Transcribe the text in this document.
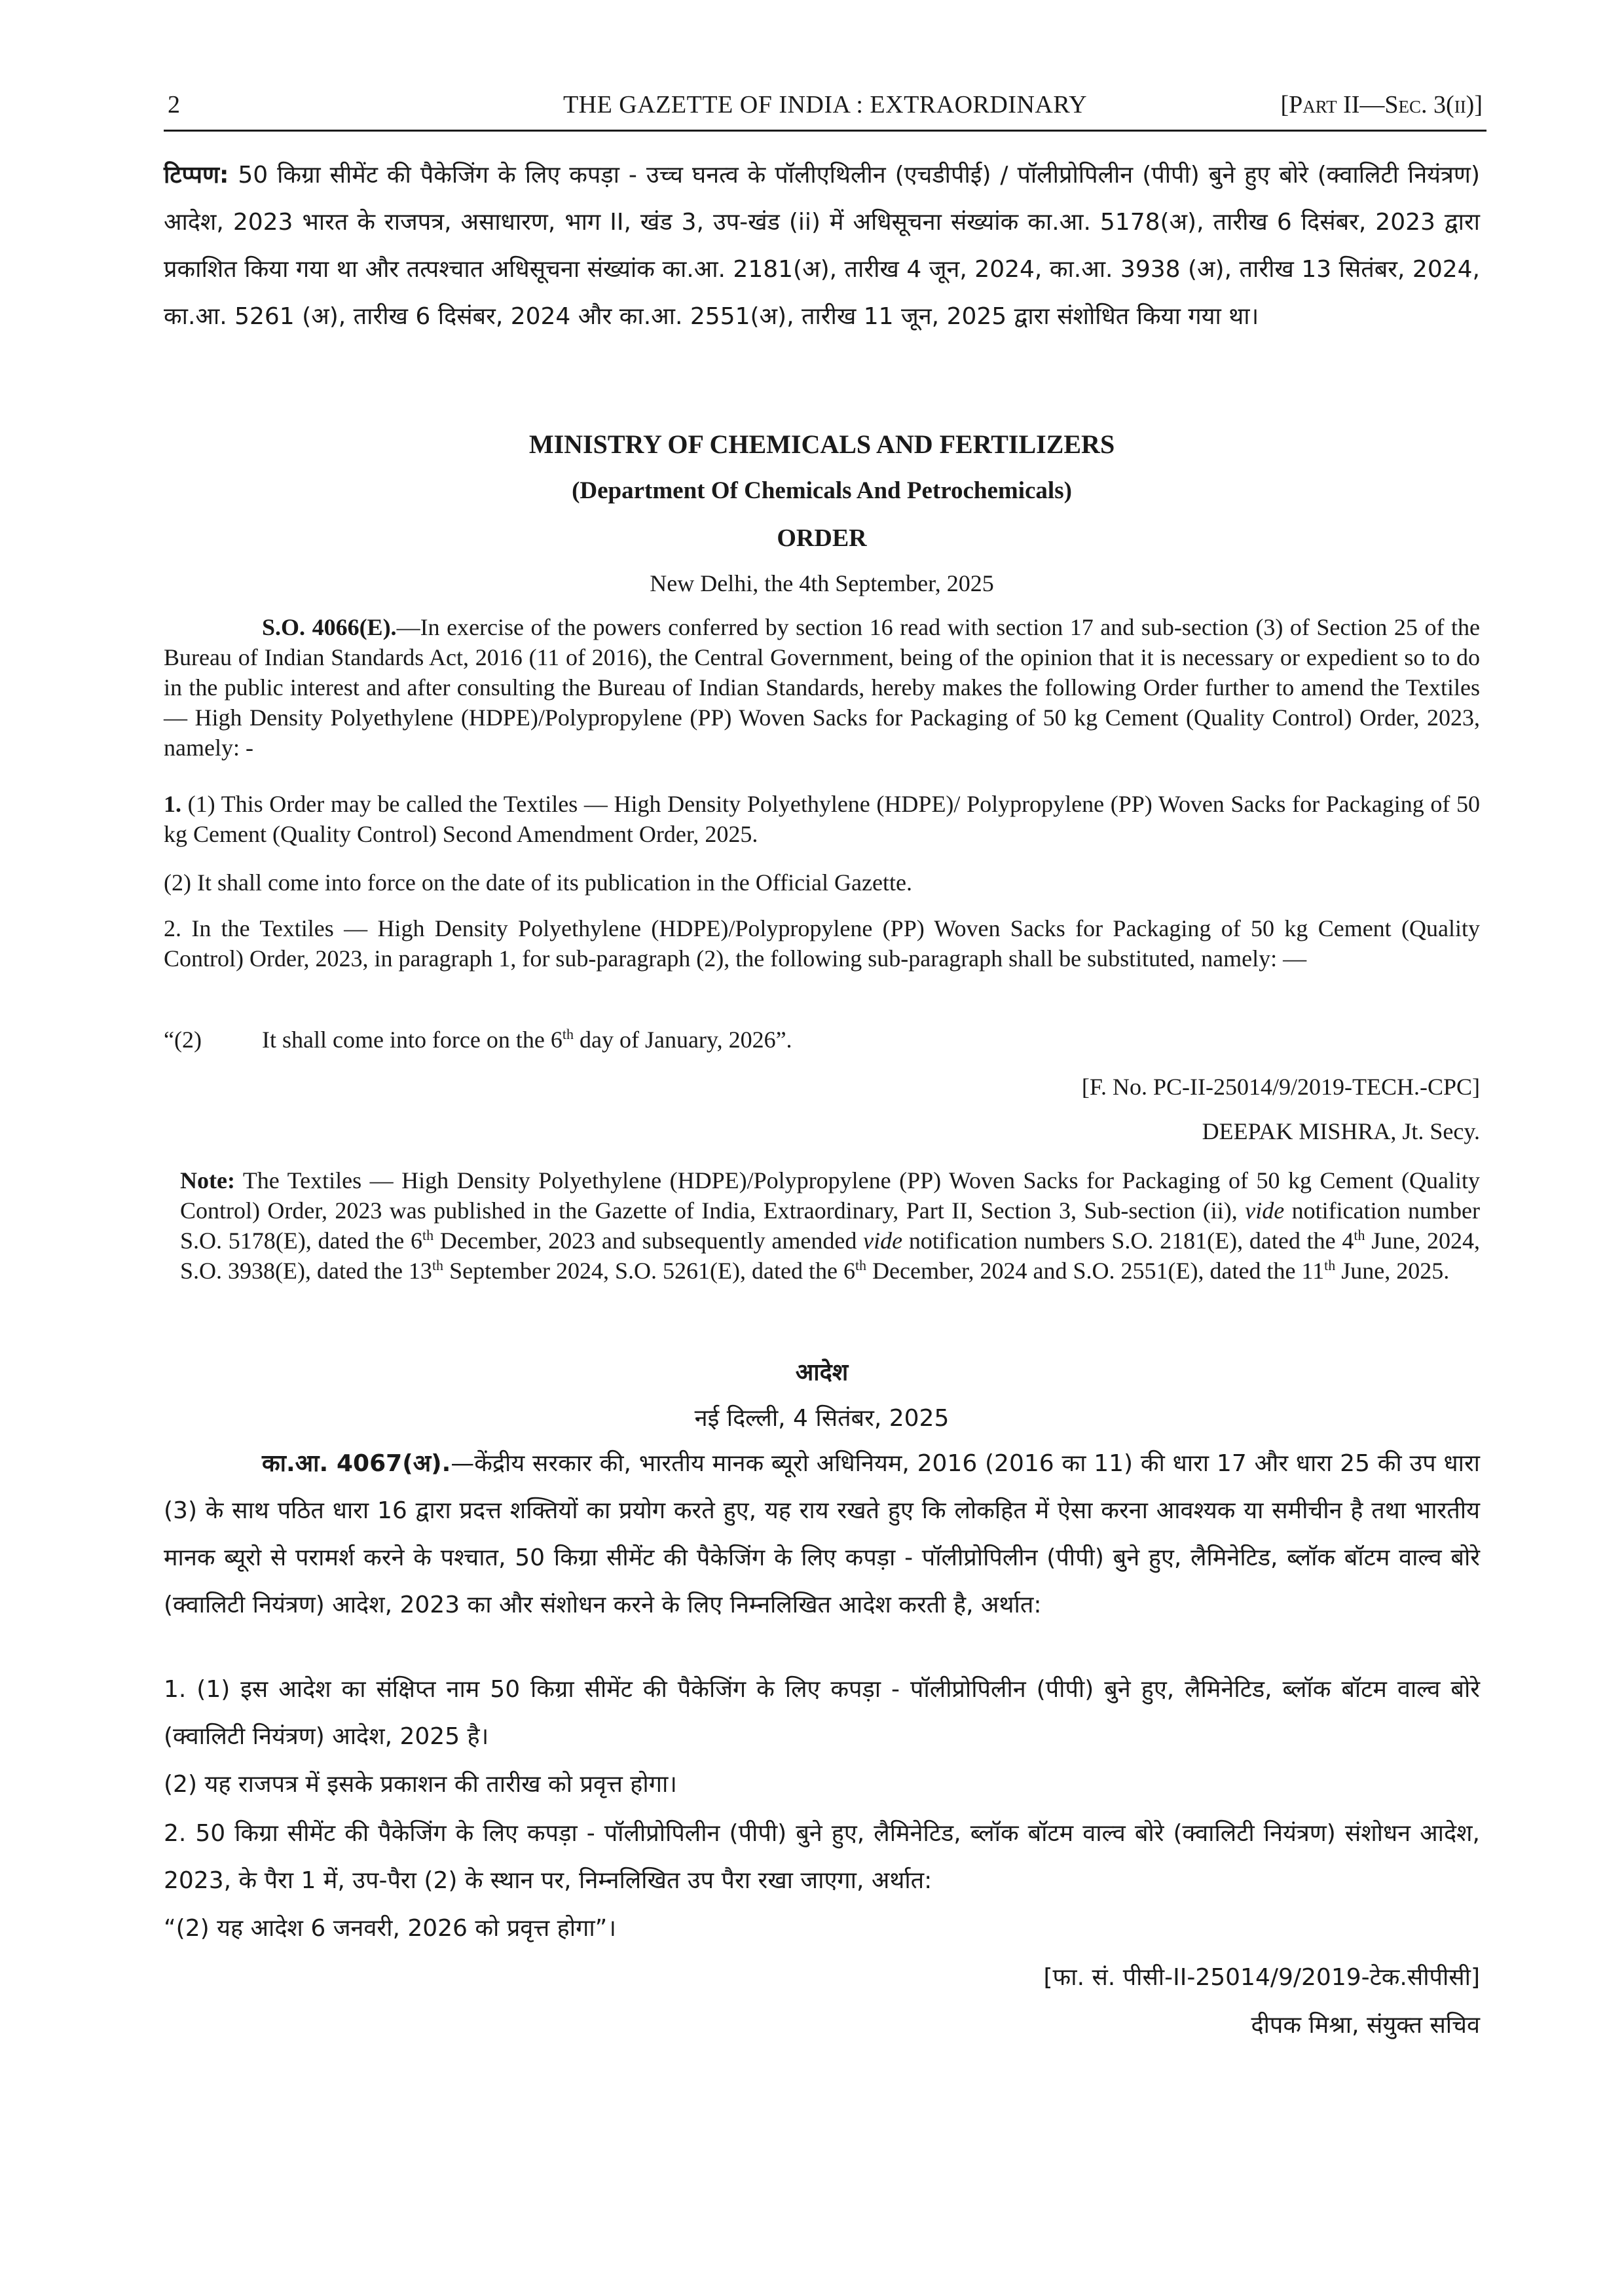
2	THE GAZETTE OF INDIA : EXTRAORDINARY	[Part II—Sec. 3(ii)]
टिप्पण: 50 किग्रा सीमेंट की पैकेजिंग के लिए कपड़ा - उच्च घनत्व के पॉलीएथिलीन (एचडीपीई) / पॉलीप्रोपिलीन (पीपी) बुने हुए बोरे (क्वालिटी नियंत्रण) आदेश, 2023 भारत के राजपत्र, असाधारण, भाग II, खंड 3, उप-खंड (ii) में अधिसूचना संख्यांक का.आ. 5178(अ), तारीख 6 दिसंबर, 2023 द्वारा प्रकाशित किया गया था और तत्पश्चात अधिसूचना संख्यांक का.आ. 2181(अ), तारीख 4 जून, 2024, का.आ. 3938 (अ), तारीख 13 सितंबर, 2024, का.आ. 5261 (अ), तारीख 6 दिसंबर, 2024 और का.आ. 2551(अ), तारीख 11 जून, 2025 द्वारा संशोधित किया गया था।
MINISTRY OF CHEMICALS AND FERTILIZERS
(Department Of Chemicals And Petrochemicals)
ORDER
New Delhi, the 4th September, 2025
S.O. 4066(E).—In exercise of the powers conferred by section 16 read with section 17 and sub-section (3) of Section 25 of the Bureau of Indian Standards Act, 2016 (11 of 2016), the Central Government, being of the opinion that it is necessary or expedient so to do in the public interest and after consulting the Bureau of Indian Standards, hereby makes the following Order further to amend the Textiles — High Density Polyethylene (HDPE)/Polypropylene (PP) Woven Sacks for Packaging of 50 kg Cement (Quality Control) Order, 2023, namely: -
1. (1) This Order may be called the Textiles — High Density Polyethylene (HDPE)/ Polypropylene (PP) Woven Sacks for Packaging of 50 kg Cement (Quality Control) Second Amendment Order, 2025.
(2) It shall come into force on the date of its publication in the Official Gazette.
2. In the Textiles — High Density Polyethylene (HDPE)/Polypropylene (PP) Woven Sacks for Packaging of 50 kg Cement (Quality Control) Order, 2023, in paragraph 1, for sub-paragraph (2), the following sub-paragraph shall be substituted, namely: —
“(2)	It shall come into force on the 6th day of January, 2026”.
[F. No. PC-II-25014/9/2019-TECH.-CPC]
DEEPAK MISHRA, Jt. Secy.
Note: The Textiles — High Density Polyethylene (HDPE)/Polypropylene (PP) Woven Sacks for Packaging of 50 kg Cement (Quality Control) Order, 2023 was published in the Gazette of India, Extraordinary, Part II, Section 3, Sub-section (ii), vide notification number S.O. 5178(E), dated the 6th December, 2023 and subsequently amended vide notification numbers S.O. 2181(E), dated the 4th June, 2024, S.O. 3938(E), dated the 13th September 2024, S.O. 5261(E), dated the 6th December, 2024 and S.O. 2551(E), dated the 11th June, 2025.
आदेश
नई दिल्ली, 4 सितंबर, 2025
का.आ. 4067(अ).—केंद्रीय सरकार की, भारतीय मानक ब्यूरो अधिनियम, 2016 (2016 का 11) की धारा 17 और धारा 25 की उप धारा (3) के साथ पठित धारा 16 द्वारा प्रदत्त शक्तियों का प्रयोग करते हुए, यह राय रखते हुए कि लोकहित में ऐसा करना आवश्यक या समीचीन है तथा भारतीय मानक ब्यूरो से परामर्श करने के पश्चात, 50 किग्रा सीमेंट की पैकेजिंग के लिए कपड़ा - पॉलीप्रोपिलीन (पीपी) बुने हुए, लैमिनेटिड, ब्लॉक बॉटम वाल्व बोरे (क्वालिटी नियंत्रण) आदेश, 2023 का और संशोधन करने के लिए निम्नलिखित आदेश करती है, अर्थात:
1. (1) इस आदेश का संक्षिप्त नाम 50 किग्रा सीमेंट की पैकेजिंग के लिए कपड़ा - पॉलीप्रोपिलीन (पीपी) बुने हुए, लैमिनेटिड, ब्लॉक बॉटम वाल्व बोरे (क्वालिटी नियंत्रण) आदेश, 2025 है।
(2) यह राजपत्र में इसके प्रकाशन की तारीख को प्रवृत्त होगा।
2. 50 किग्रा सीमेंट की पैकेजिंग के लिए कपड़ा - पॉलीप्रोपिलीन (पीपी) बुने हुए, लैमिनेटिड, ब्लॉक बॉटम वाल्व बोरे (क्वालिटी नियंत्रण) संशोधन आदेश, 2023, के पैरा 1 में, उप-पैरा (2) के स्थान पर, निम्नलिखित उप पैरा रखा जाएगा, अर्थात:
“(2) यह आदेश 6 जनवरी, 2026 को प्रवृत्त होगा”।
[फा. सं. पीसी-II-25014/9/2019-टेक.सीपीसी]
दीपक मिश्रा, संयुक्त सचिव
